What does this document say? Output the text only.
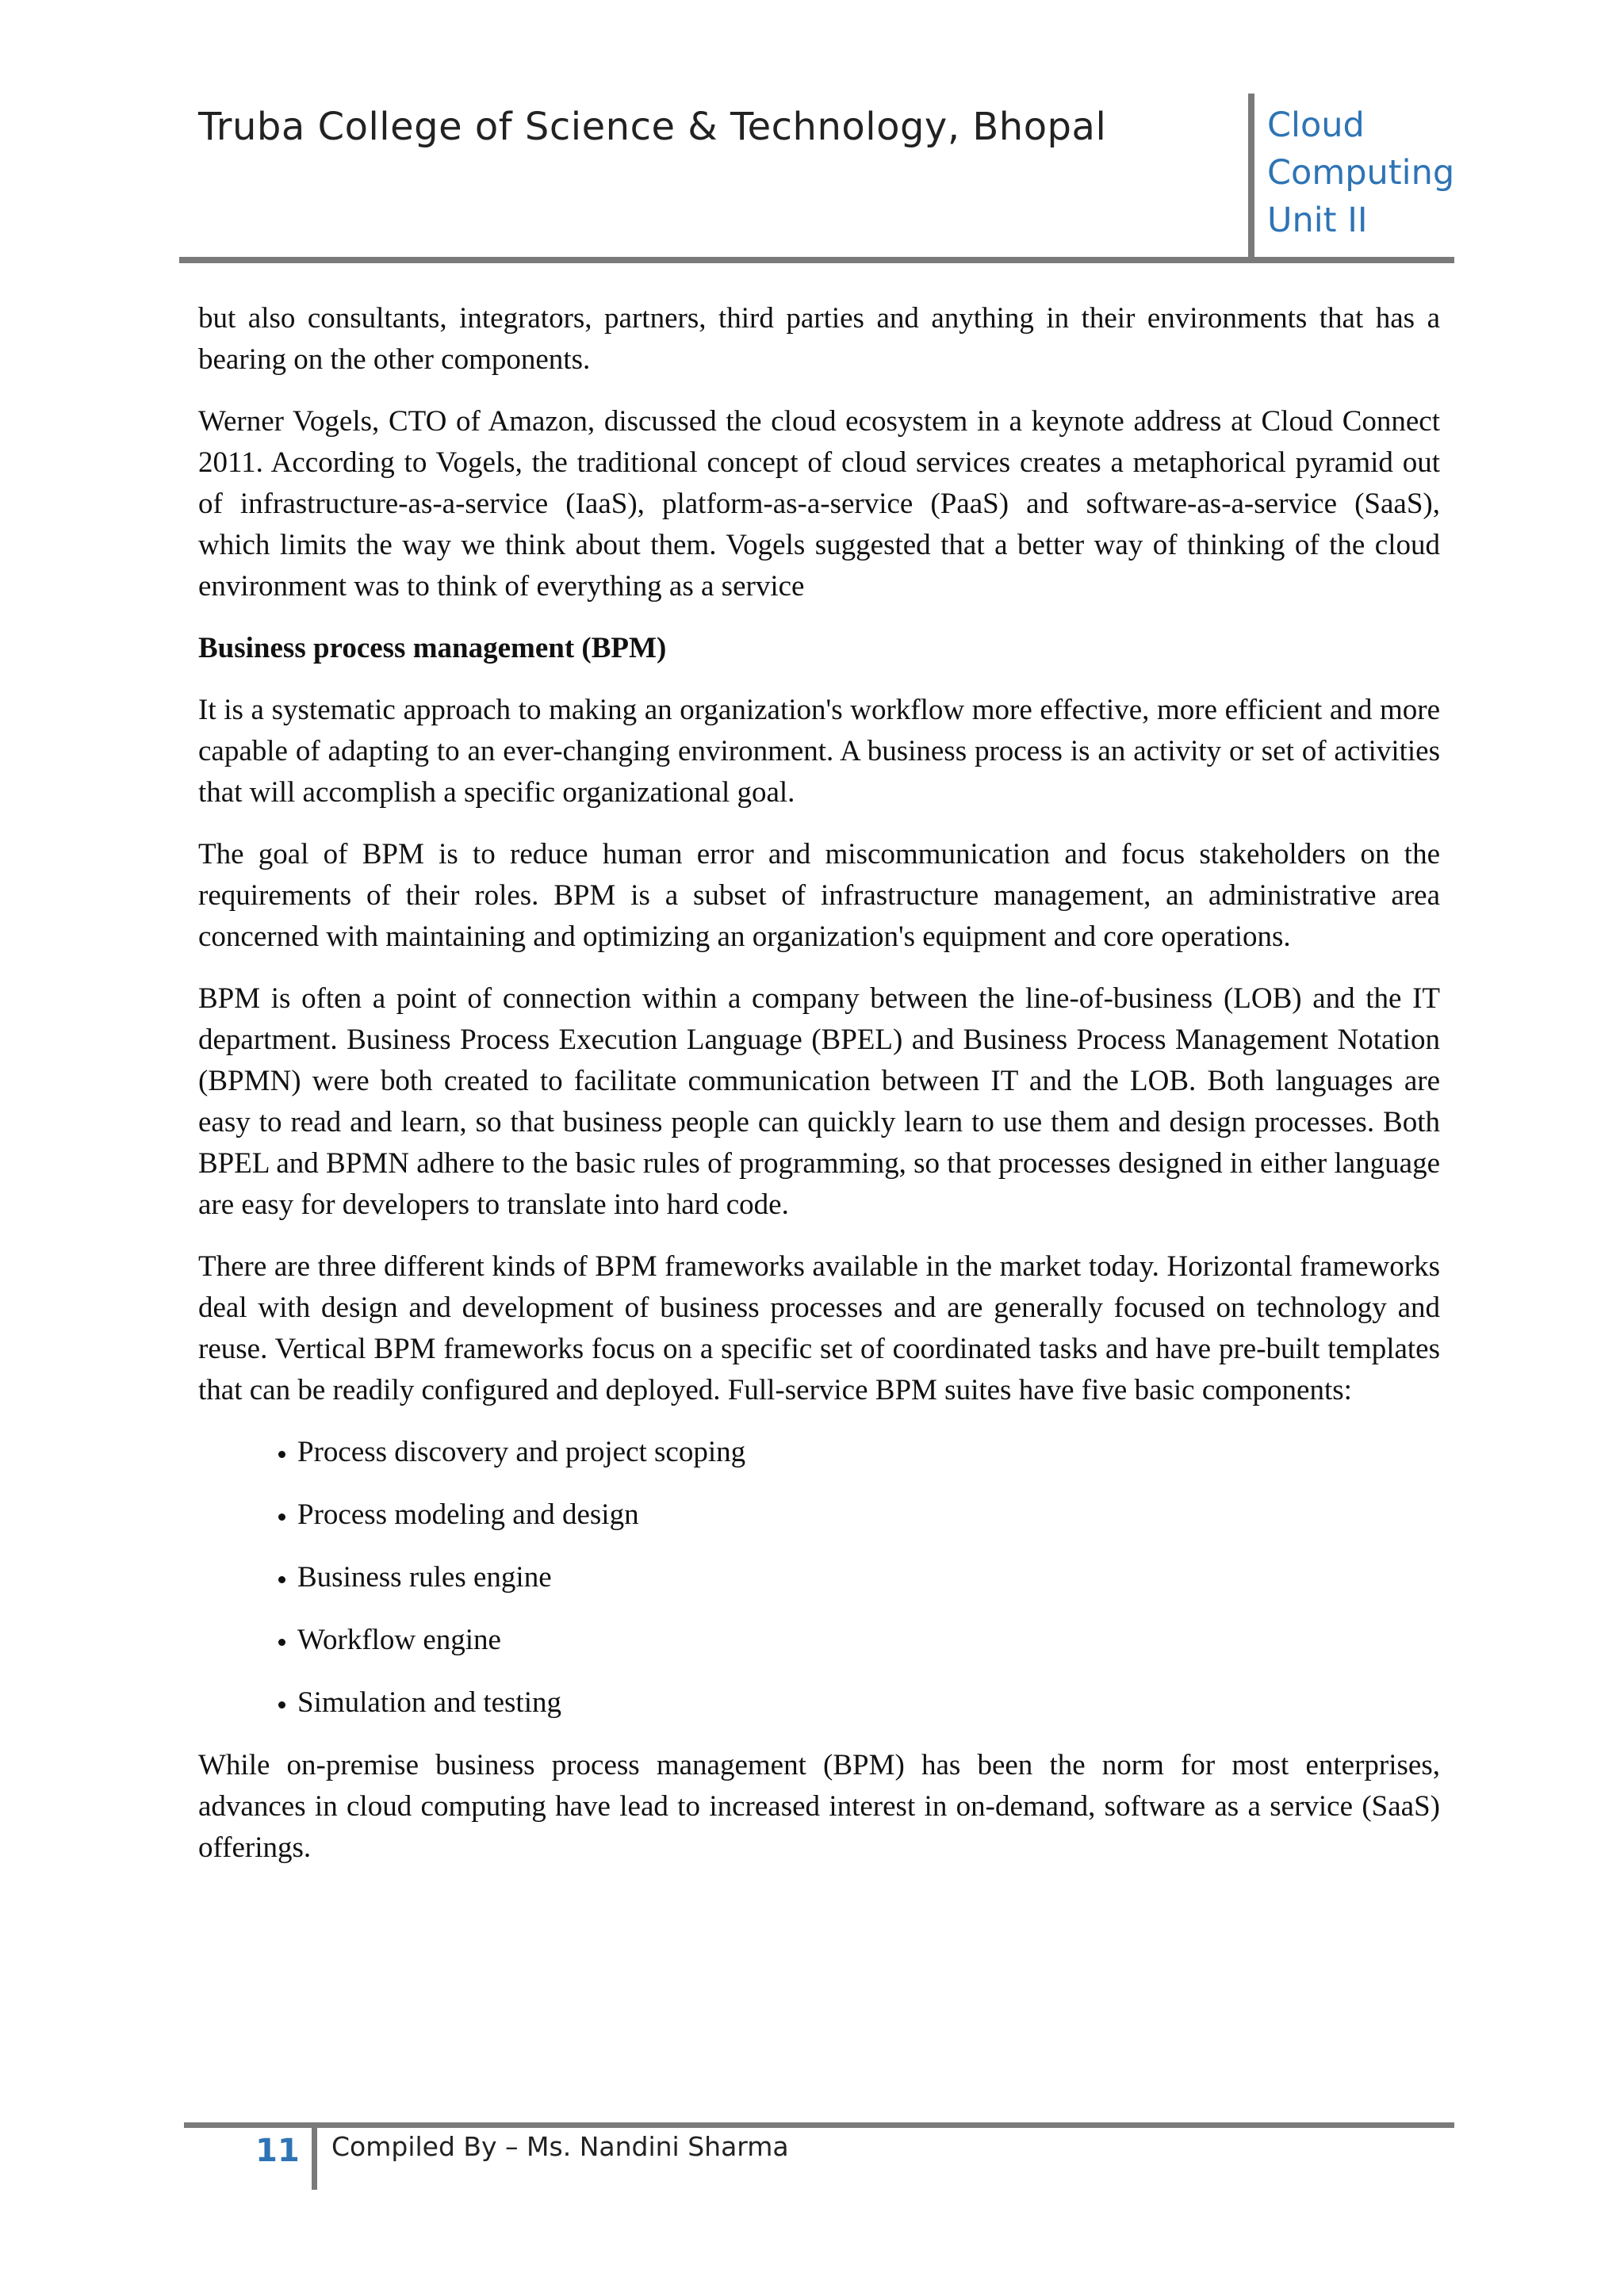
Truba College of Science & Technology, Bhopal	Cloud
Computing
Unit II

but also consultants, integrators, partners, third parties and anything in their environments that has a bearing on the other components.

Werner Vogels, CTO of Amazon, discussed the cloud ecosystem in a keynote address at Cloud Connect 2011. According to Vogels, the traditional concept of cloud services creates a metaphorical pyramid out of infrastructure-as-a-service (IaaS), platform-as-a-service (PaaS) and software-as-a-service (SaaS), which limits the way we think about them. Vogels suggested that a better way of thinking of the cloud environment was to think of everything as a service

Business process management (BPM)

It is a systematic approach to making an organization's workflow more effective, more efficient and more capable of adapting to an ever-changing environment. A business process is an activity or set of activities that will accomplish a specific organizational goal.

The goal of BPM is to reduce human error and miscommunication and focus stakeholders on the requirements of their roles. BPM is a subset of infrastructure management, an administrative area concerned with maintaining and optimizing an organization's equipment and core operations.

BPM is often a point of connection within a company between the line-of-business (LOB) and the IT department. Business Process Execution Language (BPEL) and Business Process Management Notation (BPMN) were both created to facilitate communication between IT and the LOB. Both languages are easy to read and learn, so that business people can quickly learn to use them and design processes. Both BPEL and BPMN adhere to the basic rules of programming, so that processes designed in either language are easy for developers to translate into hard code.

There are three different kinds of BPM frameworks available in the market today. Horizontal frameworks deal with design and development of business processes and are generally focused on technology and reuse. Vertical BPM frameworks focus on a specific set of coordinated tasks and have pre-built templates that can be readily configured and deployed. Full-service BPM suites have five basic components:

• Process discovery and project scoping
• Process modeling and design
• Business rules engine
• Workflow engine
• Simulation and testing

While on-premise business process management (BPM) has been the norm for most enterprises, advances in cloud computing have lead to increased interest in on-demand, software as a service (SaaS) offerings.

11 Compiled By – Ms. Nandini Sharma
